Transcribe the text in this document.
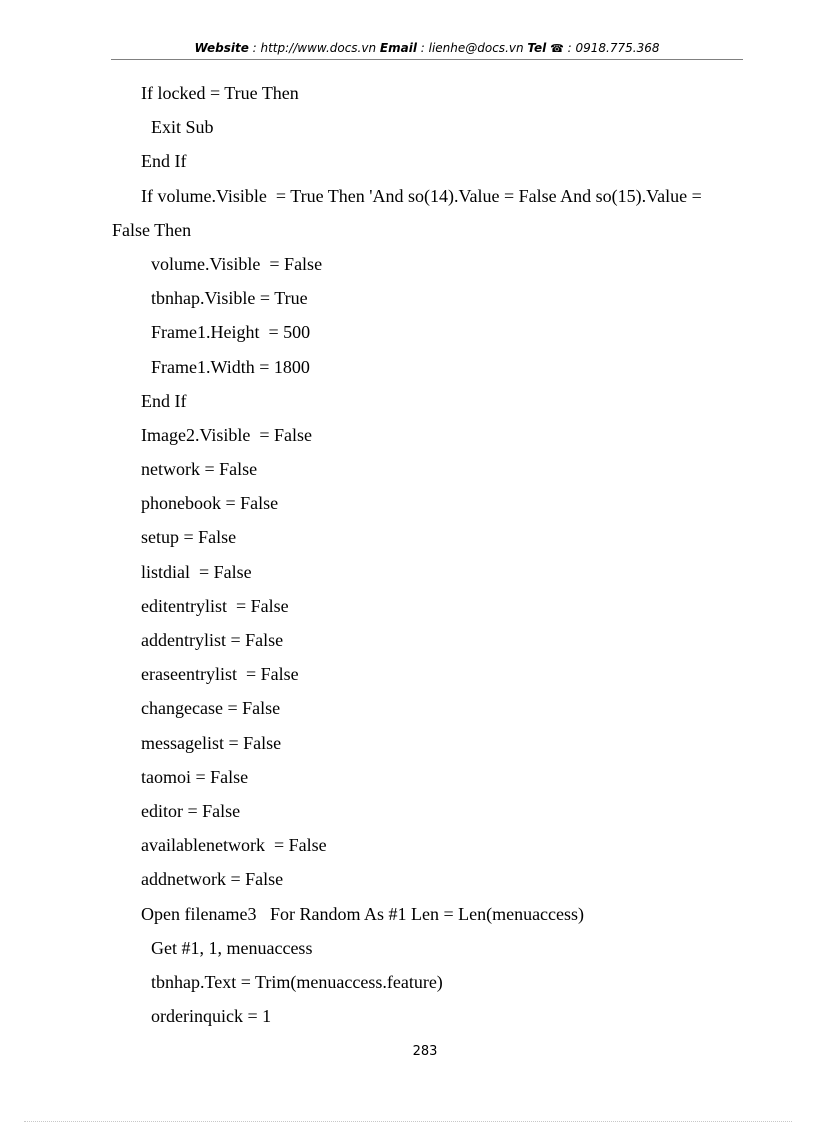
Website : http://www.docs.vn Email : lienhe@docs.vn Tel ☎ : 0918.775.368
If locked = True Then
Exit Sub
End If
If volume.Visible  = True Then 'And so(14).Value = False And so(15).Value =
False Then
volume.Visible  = False
tbnhap.Visible = True
Frame1.Height  = 500
Frame1.Width = 1800
End If
Image2.Visible  = False
network = False
phonebook = False
setup = False
listdial  = False
editentrylist  = False
addentrylist = False
eraseentrylist  = False
changecase = False
messagelist = False
taomoi = False
editor = False
availablenetwork  = False
addnetwork = False
Open filename3   For Random As #1 Len = Len(menuaccess)
Get #1, 1, menuaccess
tbnhap.Text = Trim(menuaccess.feature)
orderinquick = 1
283
